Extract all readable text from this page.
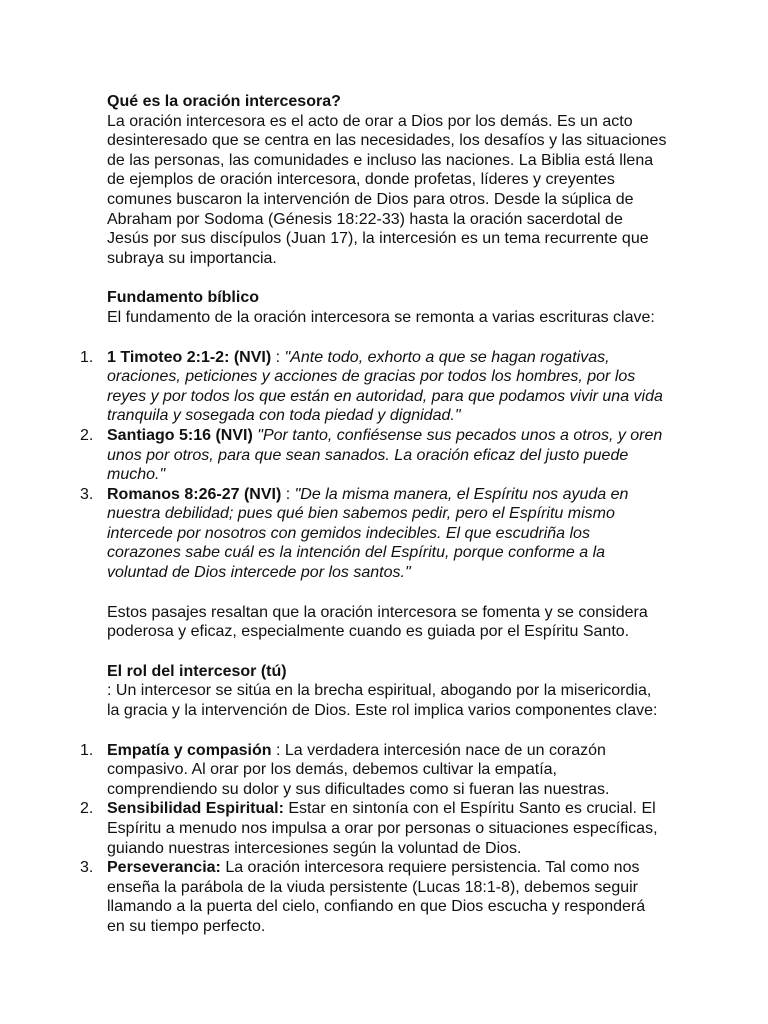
Qué es la oración intercesora?

La oración intercesora es el acto de orar a Dios por los demás. Es un acto desinteresado que se centra en las necesidades, los desafíos y las situaciones de las personas, las comunidades e incluso las naciones. La Biblia está llena de ejemplos de oración intercesora, donde profetas, líderes y creyentes comunes buscaron la intervención de Dios para otros. Desde la súplica de Abraham por Sodoma (Génesis 18:22-33) hasta la oración sacerdotal de Jesús por sus discípulos (Juan 17), la intercesión es un tema recurrente que subraya su importancia.

Fundamento bíblico

El fundamento de la oración intercesora se remonta a varias escrituras clave:

1. 1 Timoteo 2:1-2: (NVI) : "Ante todo, exhorto a que se hagan rogativas, oraciones, peticiones y acciones de gracias por todos los hombres, por los reyes y por todos los que están en autoridad, para que podamos vivir una vida tranquila y sosegada con toda piedad y dignidad."
2. Santiago 5:16 (NVI) "Por tanto, confiésense sus pecados unos a otros, y oren unos por otros, para que sean sanados. La oración eficaz del justo puede mucho."
3. Romanos 8:26-27 (NVI) : "De la misma manera, el Espíritu nos ayuda en nuestra debilidad; pues qué bien sabemos pedir, pero el Espíritu mismo intercede por nosotros con gemidos indecibles. El que escudriña los corazones sabe cuál es la intención del Espíritu, porque conforme a la voluntad de Dios intercede por los santos."

Estos pasajes resaltan que la oración intercesora se fomenta y se considera poderosa y eficaz, especialmente cuando es guiada por el Espíritu Santo.

El rol del intercesor (tú)

: Un intercesor se sitúa en la brecha espiritual, abogando por la misericordia, la gracia y la intervención de Dios. Este rol implica varios componentes clave:

1. Empatía y compasión : La verdadera intercesión nace de un corazón compasivo. Al orar por los demás, debemos cultivar la empatía, comprendiendo su dolor y sus dificultades como si fueran las nuestras.
2. Sensibilidad Espiritual: Estar en sintonía con el Espíritu Santo es crucial. El Espíritu a menudo nos impulsa a orar por personas o situaciones específicas, guiando nuestras intercesiones según la voluntad de Dios.
3. Perseverancia: La oración intercesora requiere persistencia. Tal como nos enseña la parábola de la viuda persistente (Lucas 18:1-8), debemos seguir llamando a la puerta del cielo, confiando en que Dios escucha y responderá en su tiempo perfecto.
